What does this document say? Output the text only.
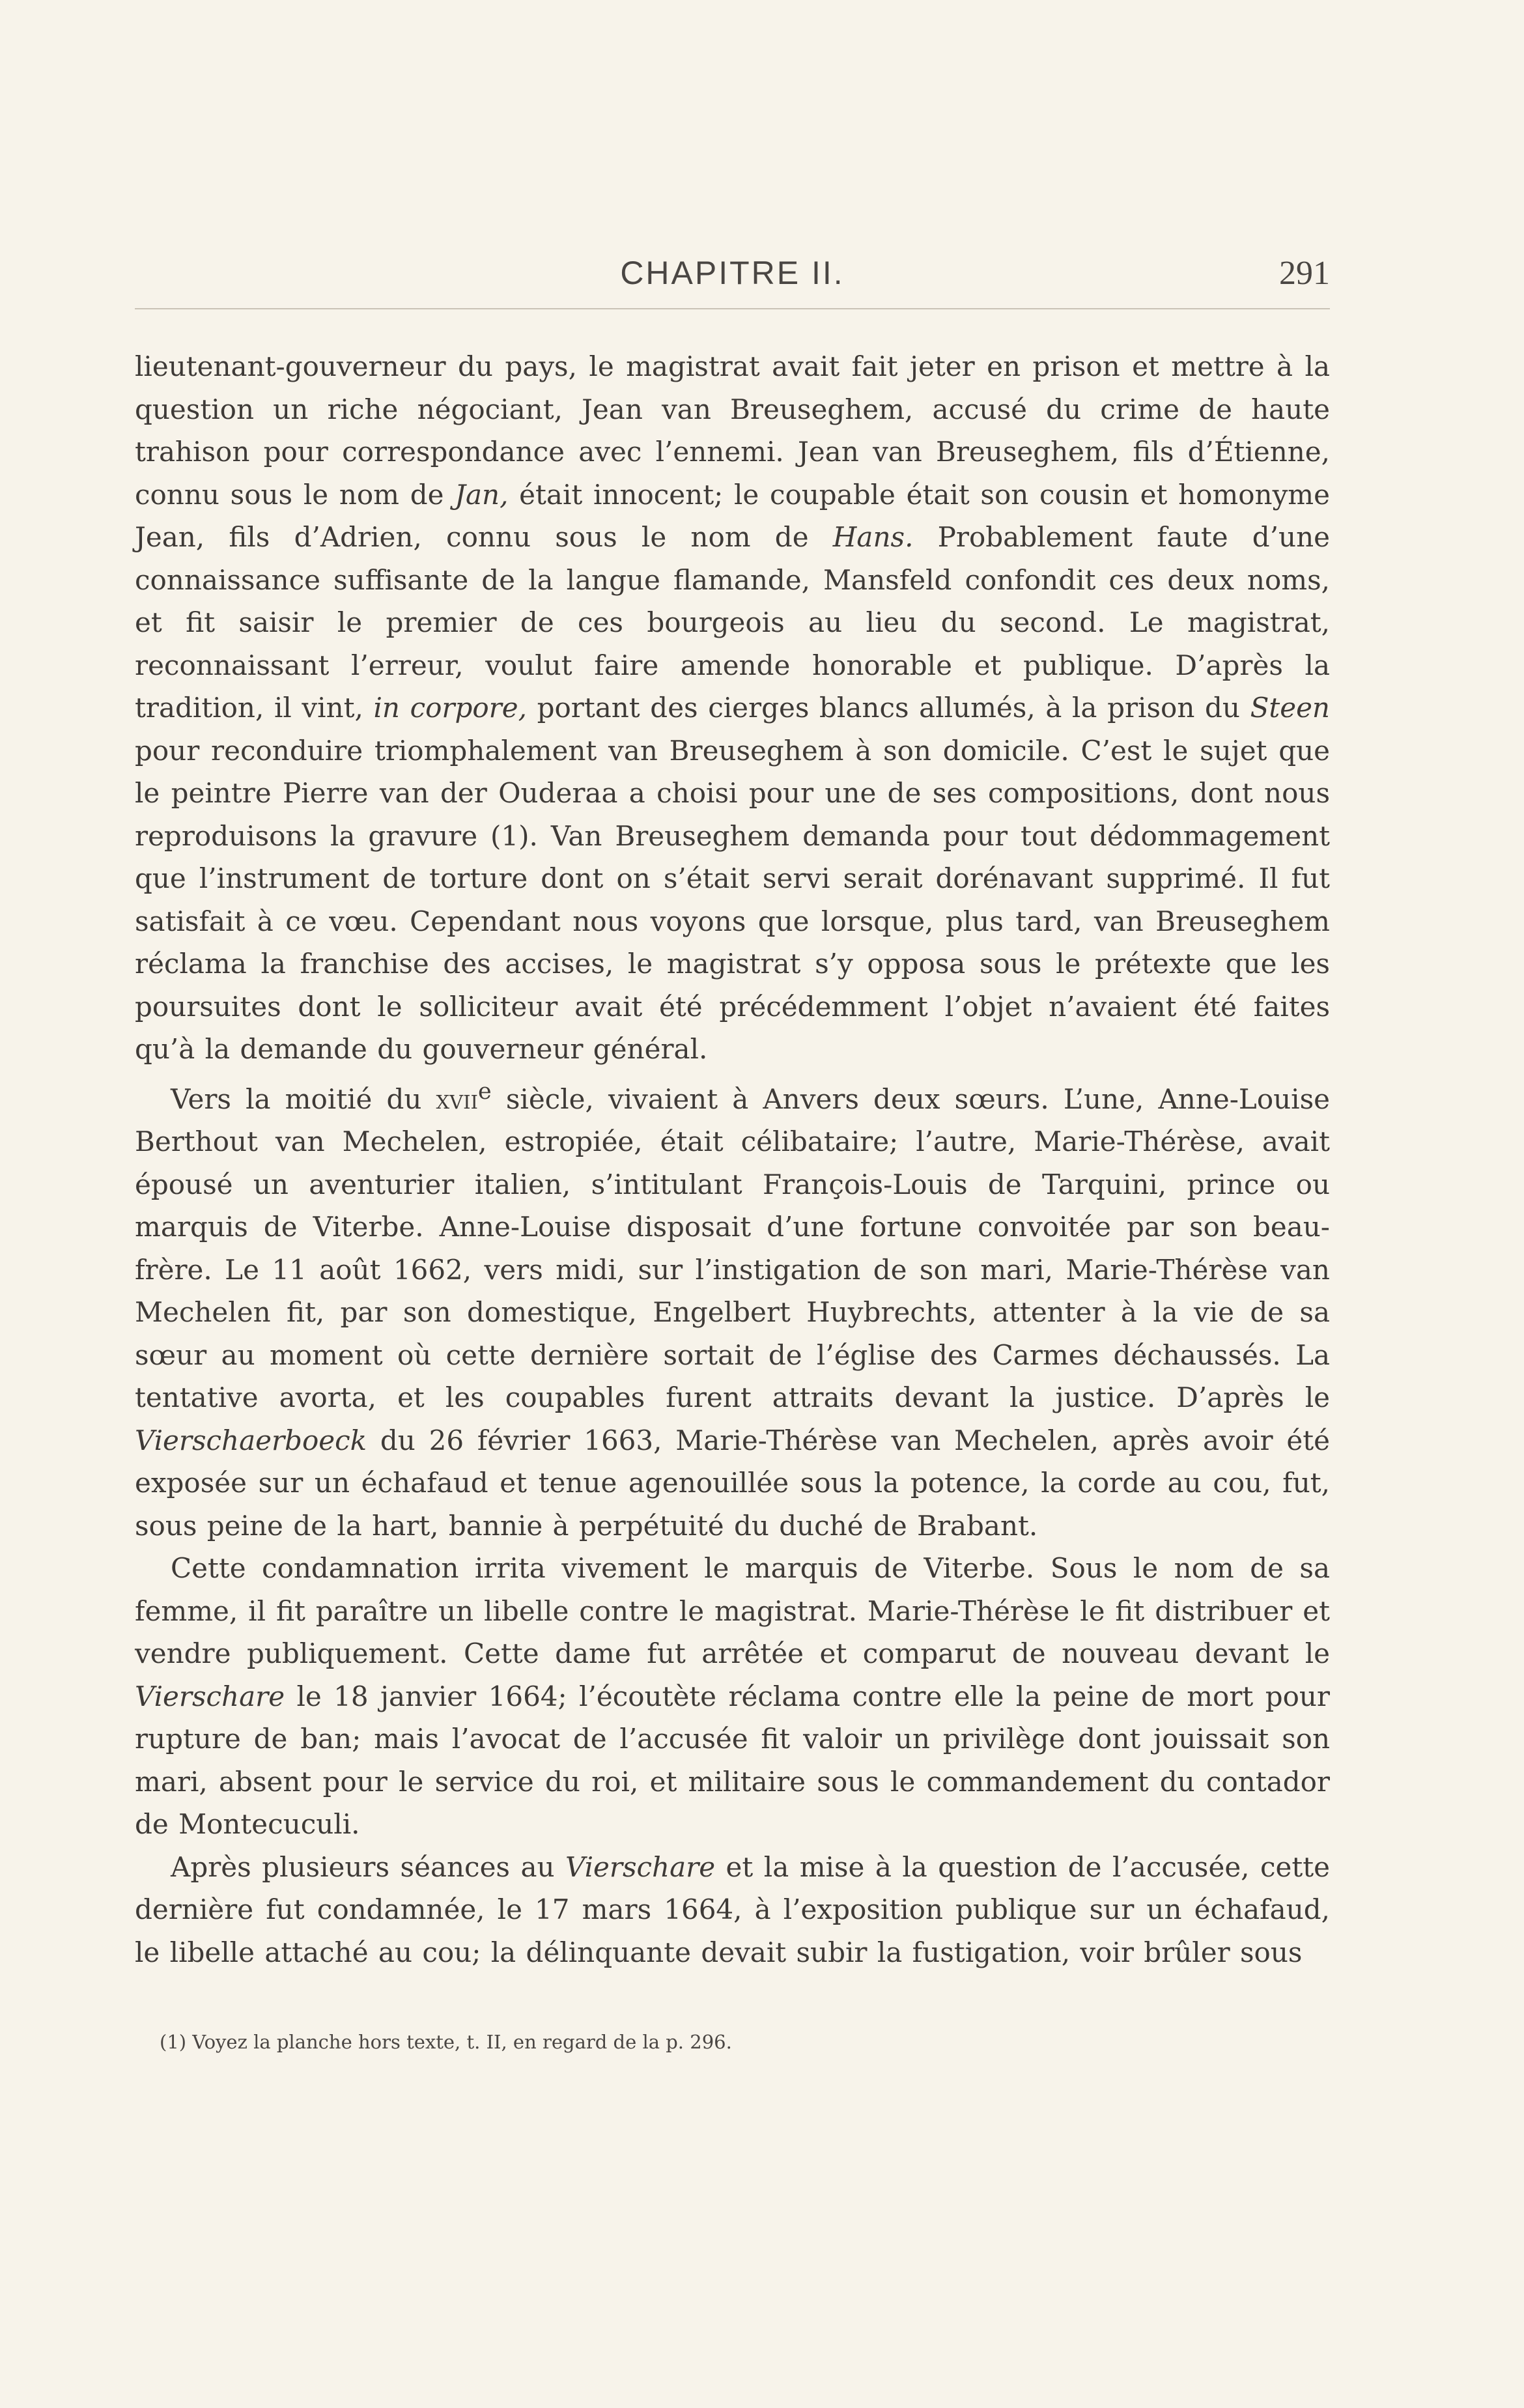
CHAPITRE II.	291

lieutenant-gouverneur du pays, le magistrat avait fait jeter en prison et mettre à la question un riche négociant, Jean van Breuseghem, accusé du crime de haute trahison pour correspondance avec l’ennemi. Jean van Breuseghem, fils d’Étienne, connu sous le nom de Jan, était innocent; le coupable était son cousin et homonyme Jean, fils d’Adrien, connu sous le nom de Hans. Probablement faute d’une connaissance suffisante de la langue flamande, Mansfeld confondit ces deux noms, et fit saisir le premier de ces bourgeois au lieu du second. Le magistrat, reconnaissant l’erreur, voulut faire amende honorable et publique. D’après la tradition, il vint, in corpore, portant des cierges blancs allumés, à la prison du Steen pour reconduire triomphalement van Breuseghem à son domicile. C’est le sujet que le peintre Pierre van der Ouderaa a choisi pour une de ses compositions, dont nous reproduisons la gravure (1). Van Breuseghem demanda pour tout dédommagement que l’instrument de torture dont on s’était servi serait dorénavant supprimé. Il fut satisfait à ce vœu. Cependant nous voyons que lorsque, plus tard, van Breuseghem réclama la franchise des accises, le magistrat s’y opposa sous le prétexte que les poursuites dont le solliciteur avait été précédemment l’objet n’avaient été faites qu’à la demande du gouverneur général.

Vers la moitié du xvii$^e$ siècle, vivaient à Anvers deux sœurs. L’une, Anne-Louise Berthout van Mechelen, estropiée, était célibataire; l’autre, Marie-Thérèse, avait épousé un aventurier italien, s’intitulant François-Louis de Tarquini, prince ou marquis de Viterbe. Anne-Louise disposait d’une fortune convoitée par son beau-frère. Le 11 août 1662, vers midi, sur l’instigation de son mari, Marie-Thérèse van Mechelen fit, par son domestique, Engelbert Huybrechts, attenter à la vie de sa sœur au moment où cette dernière sortait de l’église des Carmes déchaussés. La tentative avorta, et les coupables furent attraits devant la justice. D’après le Vierschaerboeck du 26 février 1663, Marie-Thérèse van Mechelen, après avoir été exposée sur un échafaud et tenue agenouillée sous la potence, la corde au cou, fut, sous peine de la hart, bannie à perpétuité du duché de Brabant.

Cette condamnation irrita vivement le marquis de Viterbe. Sous le nom de sa femme, il fit paraître un libelle contre le magistrat. Marie-Thérèse le fit distribuer et vendre publiquement. Cette dame fut arrêtée et comparut de nouveau devant le Vierschare le 18 janvier 1664; l’écoutète réclama contre elle la peine de mort pour rupture de ban; mais l’avocat de l’accusée fit valoir un privilège dont jouissait son mari, absent pour le service du roi, et militaire sous le commandement du contador de Montecuculi.

Après plusieurs séances au Vierschare et la mise à la question de l’accusée, cette dernière fut condamnée, le 17 mars 1664, à l’exposition publique sur un échafaud, le libelle attaché au cou; la délinquante devait subir la fustigation, voir brûler sous

(1) Voyez la planche hors texte, t. II, en regard de la p. 296.
